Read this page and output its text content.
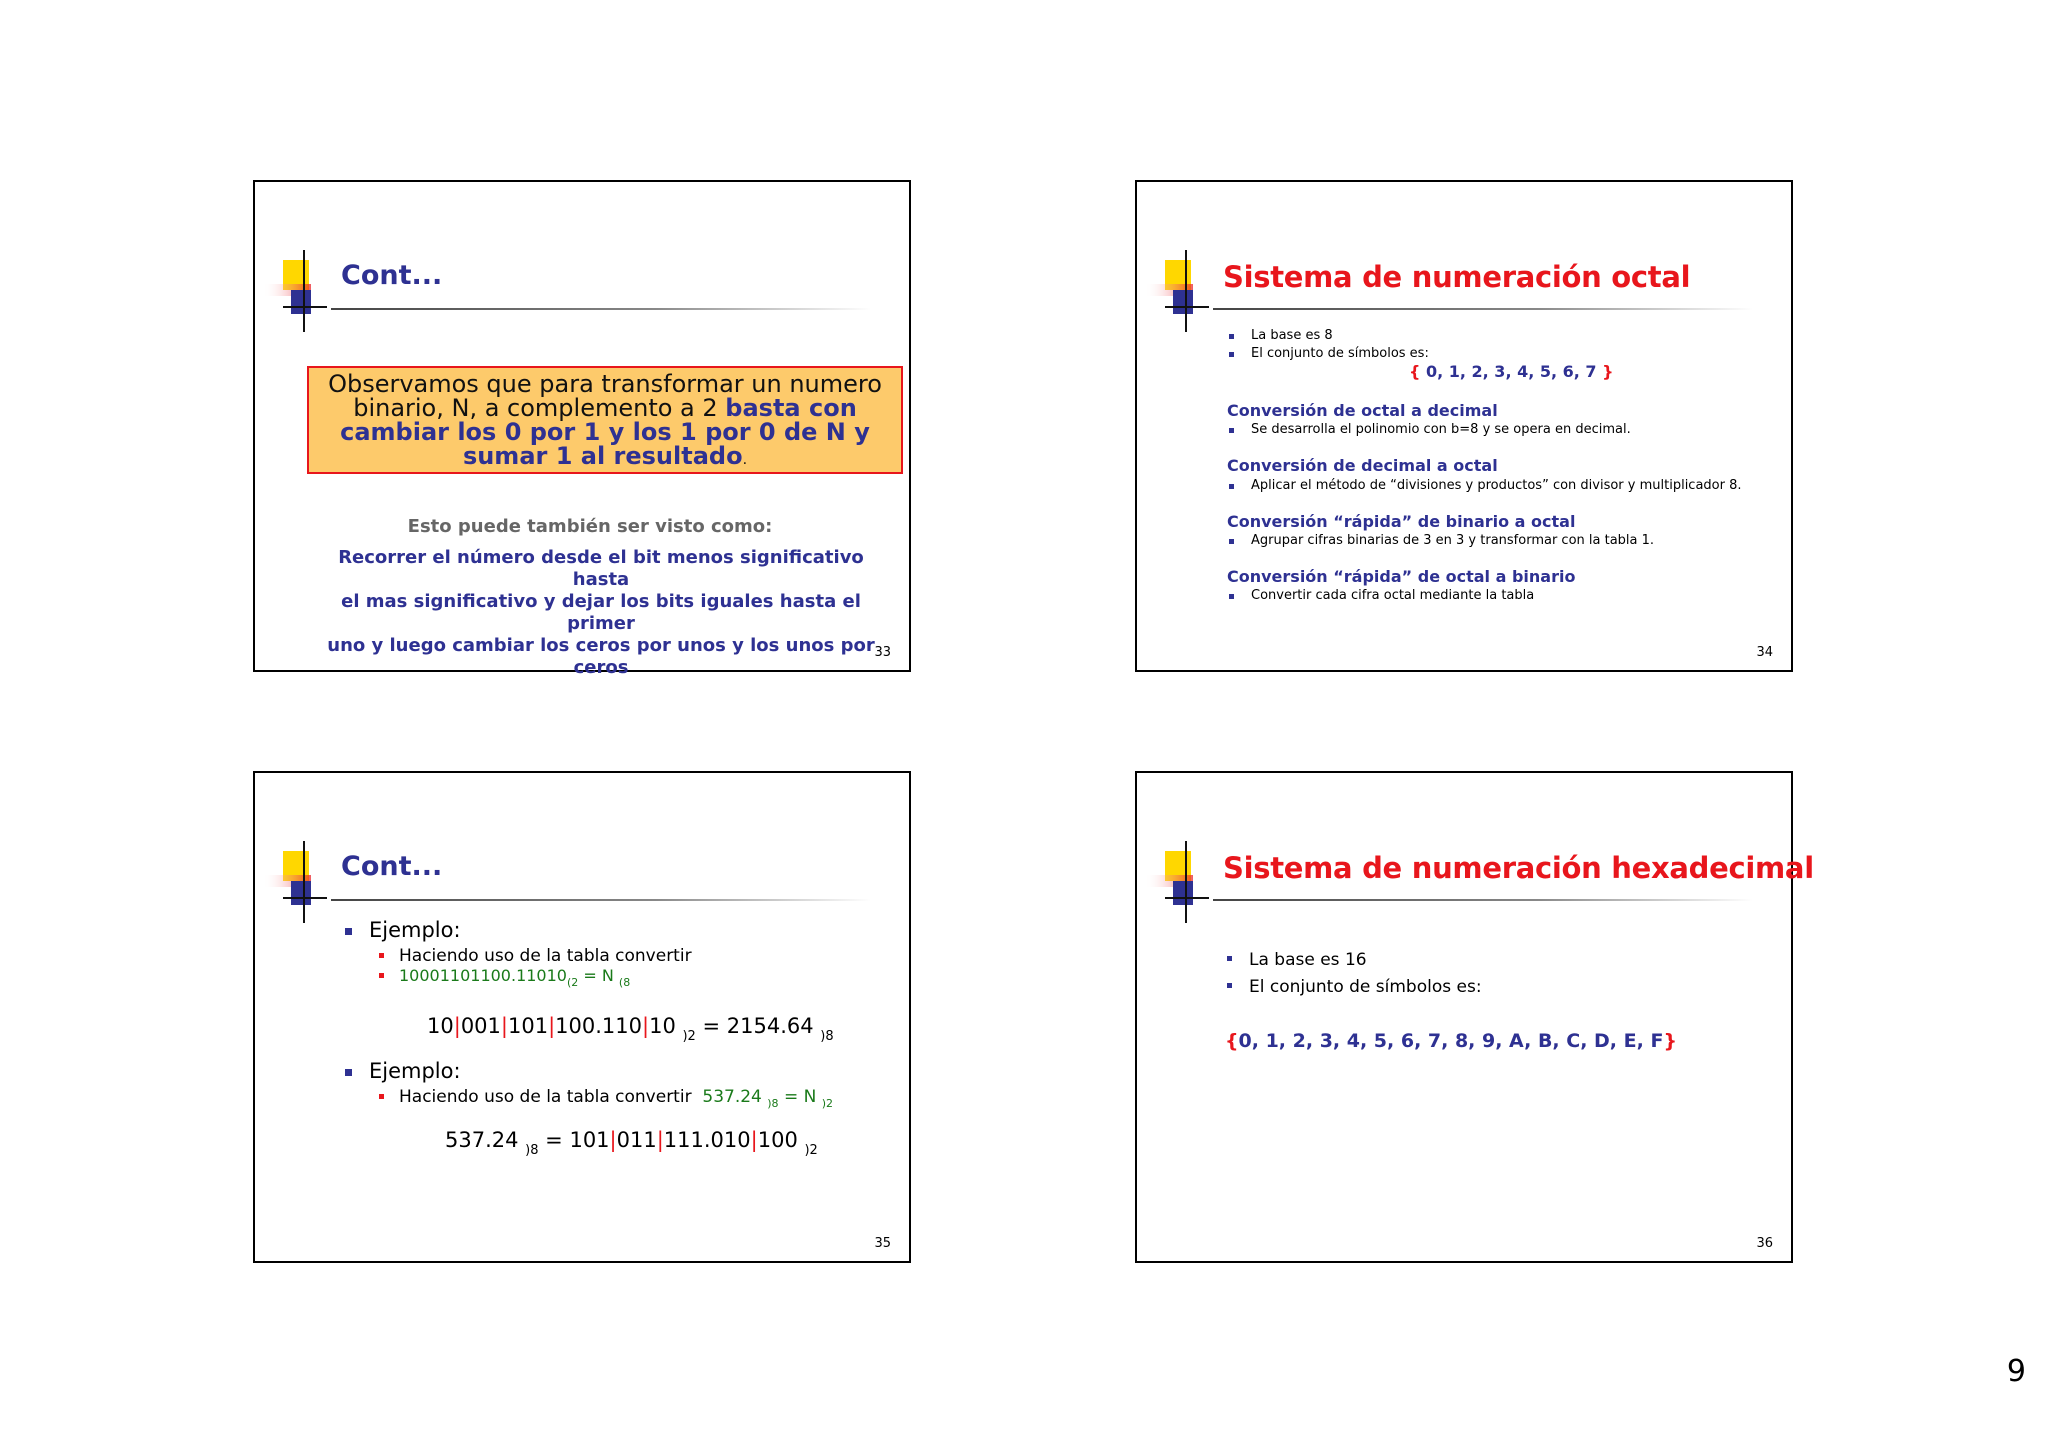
Cont...
Observamos que para transformar un numero
binario, N, a complemento a 2 basta con
cambiar los 0 por 1 y los 1 por 0 de N y
sumar 1 al resultado.
Esto puede también ser visto como:
Recorrer el número desde el bit menos significativo hasta
el mas significativo y dejar los bits iguales hasta el primer
uno y luego cambiar los ceros por unos y los unos por
ceros
33
Sistema de numeración octal
La base es 8
El conjunto de símbolos es:
{ 0, 1, 2, 3, 4, 5, 6, 7 }
Conversión de octal a decimal
Se desarrolla el polinomio con b=8 y se opera en decimal.
Conversión de decimal a octal
Aplicar el método de “divisiones y productos” con divisor y multiplicador 8.
Conversión “rápida” de binario a octal
Agrupar cifras binarias de 3 en 3 y transformar con la tabla 1.
Conversión “rápida” de octal a binario
Convertir cada cifra octal mediante la tabla
34
Cont...
Ejemplo:
Haciendo uso de la tabla convertir
$10001101100.11010_{(2} = N$ $_{(8}$
10|001|101|100.110|10 $_{)2}$ = 2154.64 $_{)8}$
Ejemplo:
Haciendo uso de la tabla convertir 537.24 $_{)8}$ = N $_{)2}$
537.24 $_{)8}$ = 101|011|111.010|100 $_{)2}$
35
Sistema de numeración hexadecimal
La base es 16
El conjunto de símbolos es:
{0, 1, 2, 3, 4, 5, 6, 7, 8, 9, A, B, C, D, E, F}
36
9
